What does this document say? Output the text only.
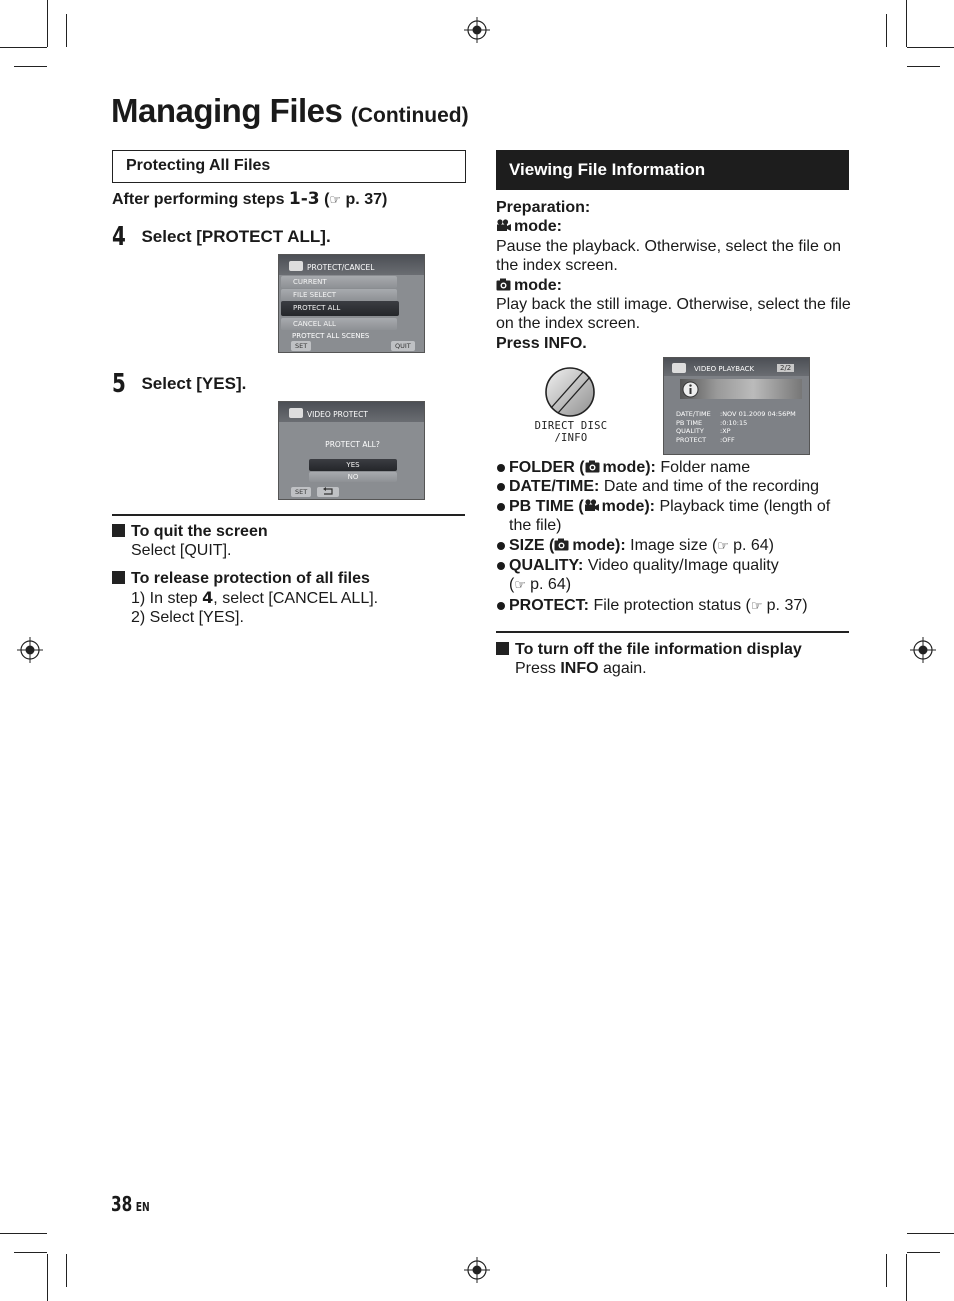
Managing Files (Continued)
Protecting All Files
After performing steps 1-3 (☞ p. 37)
4 Select [PROTECT ALL].
PROTECT/CANCEL
CURRENT
FILE SELECT
PROTECT ALL
CANCEL ALL
PROTECT ALL SCENES
SET	QUIT
5 Select [YES].
VIDEO PROTECT
PROTECT ALL?
YES
NO
SET
To quit the screen
Select [QUIT].
To release protection of all files
1) In step 4, select [CANCEL ALL].
2) Select [YES].
Viewing File Information
Preparation:
mode:
Pause the playback. Otherwise, select the file on the index screen.
mode:
Play back the still image. Otherwise, select the file on the index screen.
Press INFO.
DIRECT DISC
/INFO
VIDEO PLAYBACK	2/2
DATE/TIME
PB TIME
QUALITY
PROTECT
:NOV 01.2009 04:56PM
:0:10:15
:XP
:OFF
FOLDER ( mode): Folder name
DATE/TIME: Date and time of the recording
PB TIME ( mode): Playback time (length of the file)
SIZE ( mode): Image size (☞ p. 64)
QUALITY: Video quality/Image quality
(☞ p. 64)
PROTECT: File protection status (☞ p. 37)
To turn off the file information display
Press INFO again.
38 EN
